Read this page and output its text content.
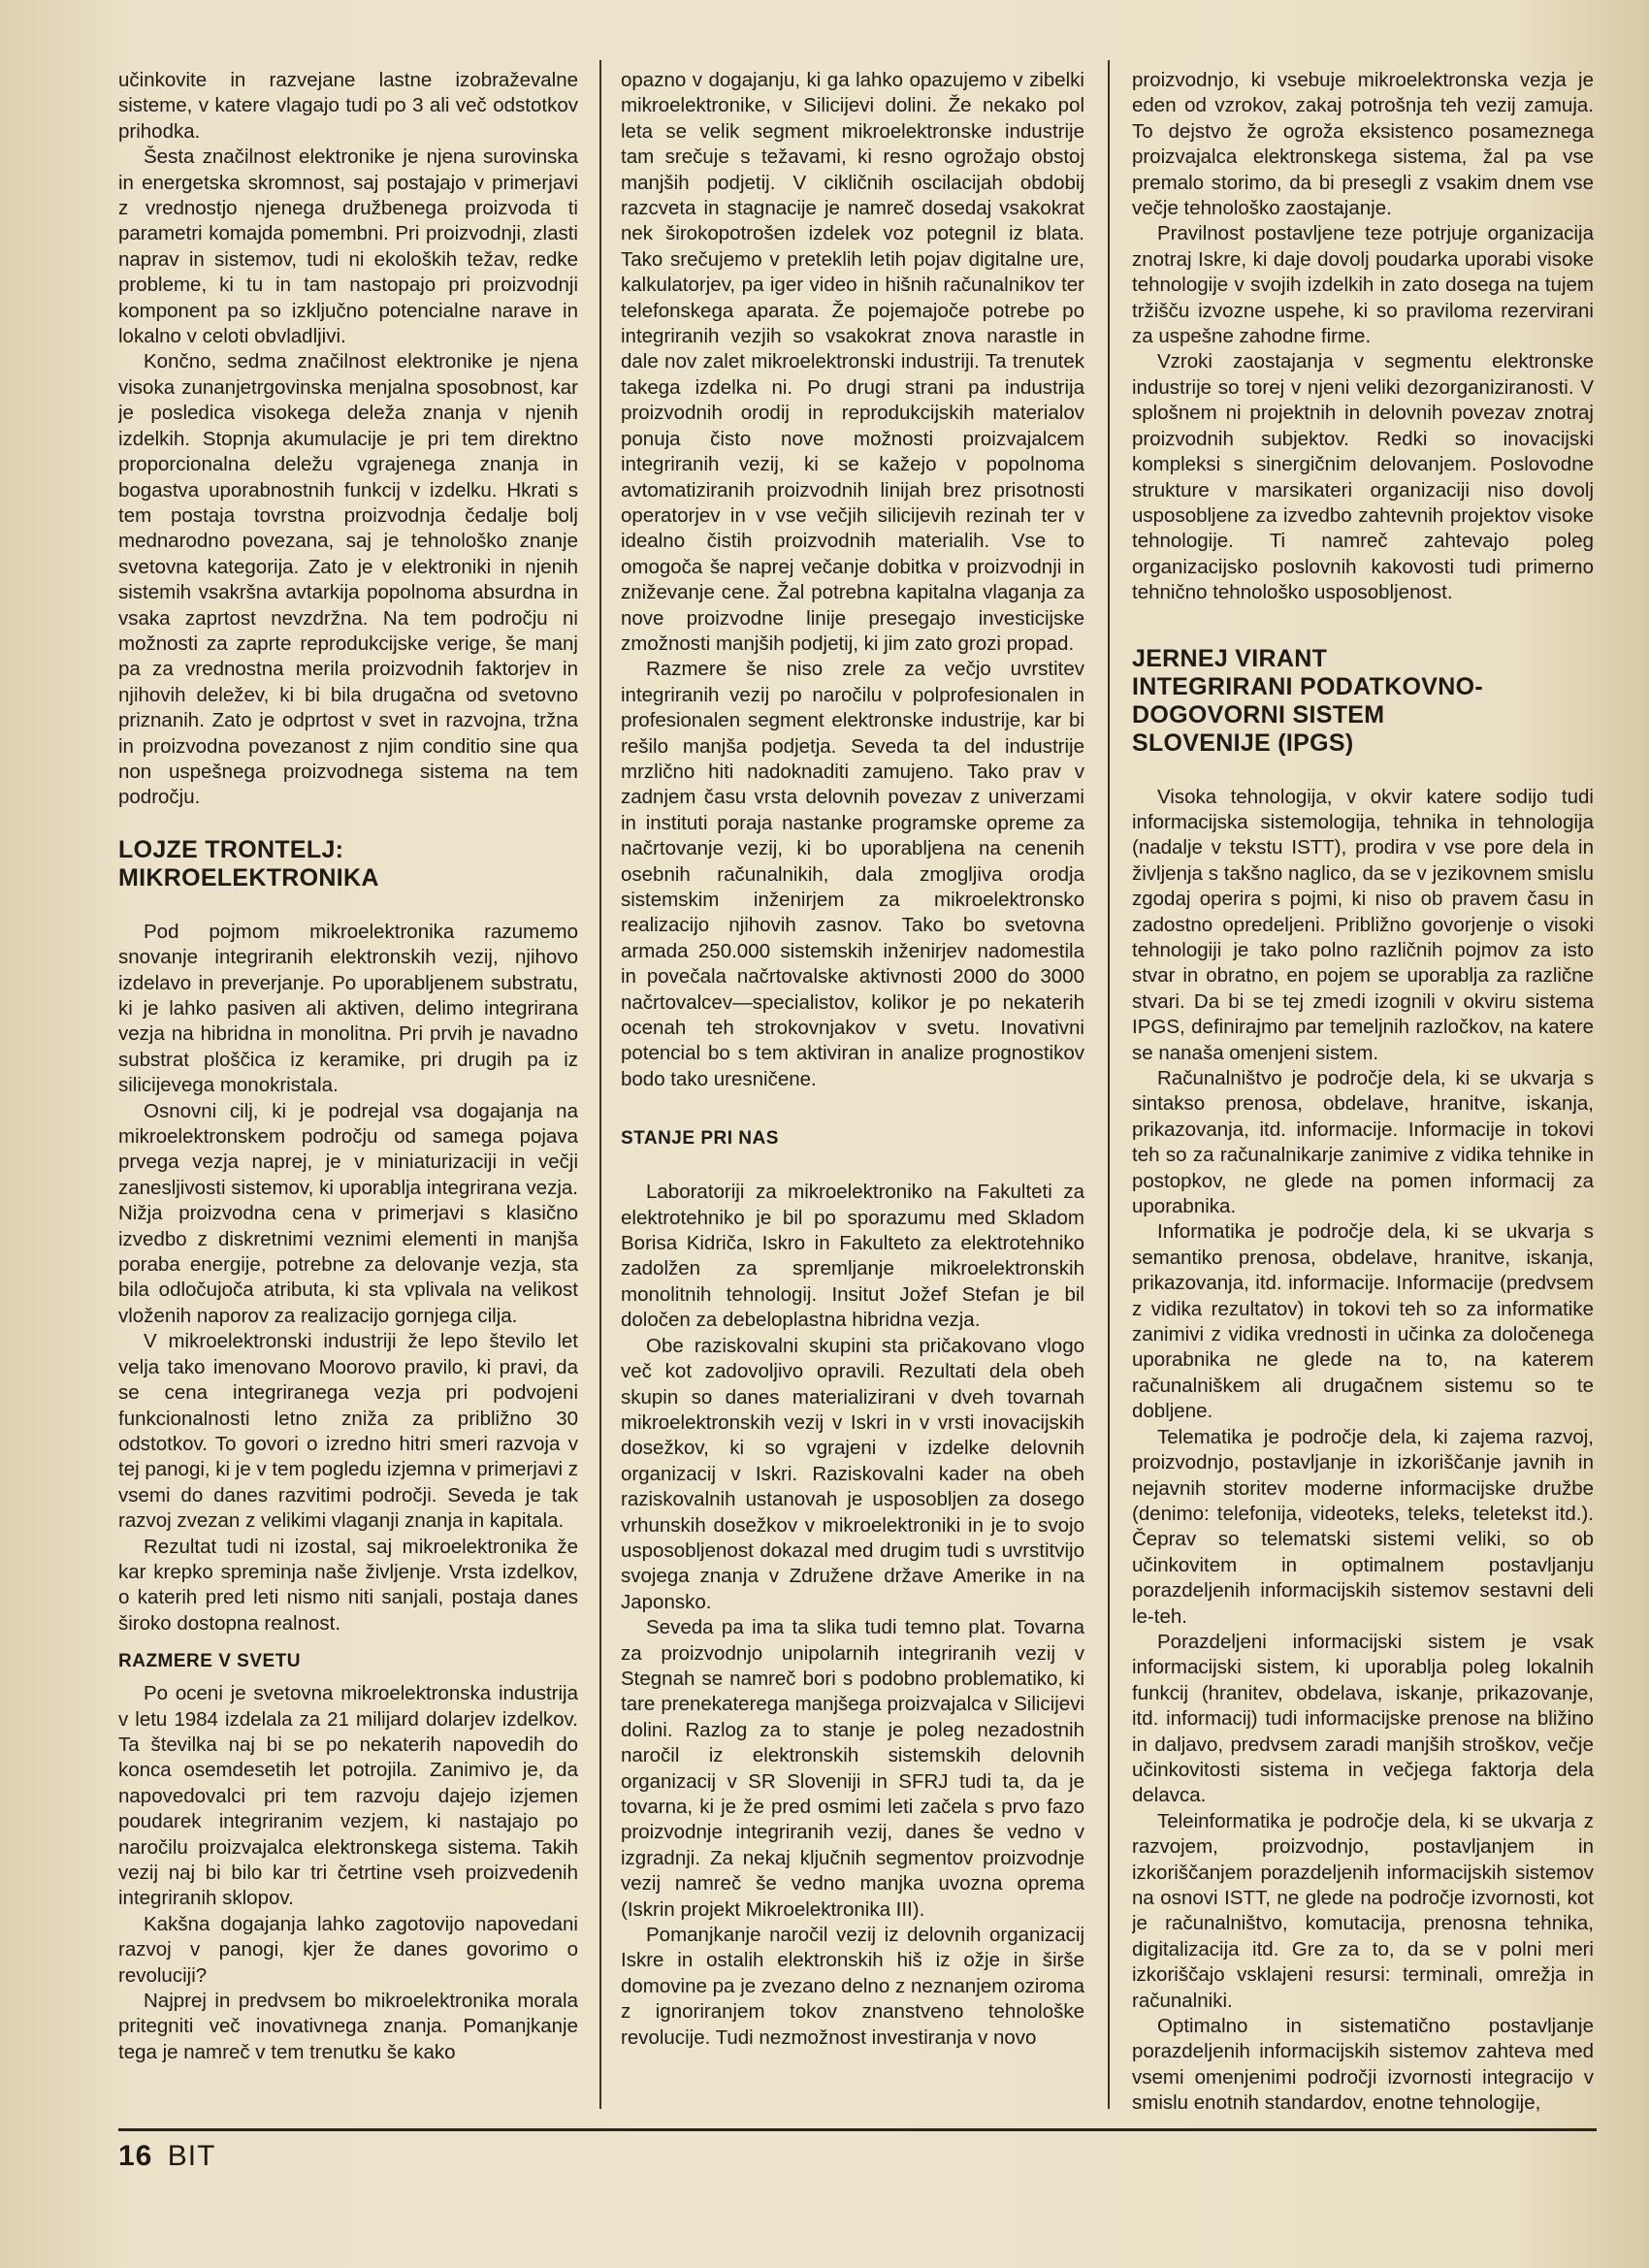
učinkovite in razvejane lastne izobraževalne sisteme, v katere vlagajo tudi po 3 ali več odstotkov prihodka.

Šesta značilnost elektronike je njena surovinska in energetska skromnost, saj postajajo v primerjavi z vrednostjo njenega družbenega proizvoda ti parametri komajda pomembni. Pri proizvodnji, zlasti naprav in sistemov, tudi ni ekoloških težav, redke probleme, ki tu in tam nastopajo pri proizvodnji komponent pa so izključno potencialne narave in lokalno v celoti obvladljivi.

Končno, sedma značilnost elektronike je njena visoka zunanjetrgovinska menjalna sposobnost, kar je posledica visokega deleža znanja v njenih izdelkih. Stopnja akumulacije je pri tem direktno proporcionalna deležu vgrajenega znanja in bogastva uporabnostnih funkcij v izdelku. Hkrati s tem postaja tovrstna proizvodnja čedalje bolj mednarodno povezana, saj je tehnološko znanje svetovna kategorija. Zato je v elektroniki in njenih sistemih vsakršna avtarkija popolnoma absurdna in vsaka zaprtost nevzdržna. Na tem področju ni možnosti za zaprte reprodukcijske verige, še manj pa za vrednostna merila proizvodnih faktorjev in njihovih deležev, ki bi bila drugačna od svetovno priznanih. Zato je odprtost v svet in razvojna, tržna in proizvodna povezanost z njim conditio sine qua non uspešnega proizvodnega sistema na tem področju.

LOJZE TRONTELJ:
MIKROELEKTRONIKA

Pod pojmom mikroelektronika razumemo snovanje integriranih elektronskih vezij, njihovo izdelavo in preverjanje. Po uporabljenem substratu, ki je lahko pasiven ali aktiven, delimo integrirana vezja na hibridna in monolitna. Pri prvih je navadno substrat ploščica iz keramike, pri drugih pa iz silicijevega monokristala.

Osnovni cilj, ki je podrejal vsa dogajanja na mikroelektronskem področju od samega pojava prvega vezja naprej, je v miniaturizaciji in večji zanesljivosti sistemov, ki uporablja integrirana vezja. Nižja proizvodna cena v primerjavi s klasično izvedbo z diskretnimi veznimi elementi in manjša poraba energije, potrebne za delovanje vezja, sta bila odločujoča atributa, ki sta vplivala na velikost vloženih naporov za realizacijo gornjega cilja.

V mikroelektronski industriji že lepo število let velja tako imenovano Moorovo pravilo, ki pravi, da se cena integriranega vezja pri podvojeni funkcionalnosti letno zniža za približno 30 odstotkov. To govori o izredno hitri smeri razvoja v tej panogi, ki je v tem pogledu izjemna v primerjavi z vsemi do danes razvitimi področji. Seveda je tak razvoj zvezan z velikimi vlaganji znanja in kapitala.

Rezultat tudi ni izostal, saj mikroelektronika že kar krepko spreminja naše življenje. Vrsta izdelkov, o katerih pred leti nismo niti sanjali, postaja danes široko dostopna realnost.

RAZMERE V SVETU

Po oceni je svetovna mikroelektronska industrija v letu 1984 izdelala za 21 milijard dolarjev izdelkov. Ta številka naj bi se po nekaterih napovedih do konca osemdesetih let potrojila. Zanimivo je, da napovedovalci pri tem razvoju dajejo izjemen poudarek integriranim vezjem, ki nastajajo po naročilu proizvajalca elektronskega sistema. Takih vezij naj bi bilo kar tri četrtine vseh proizvedenih integriranih sklopov.

Kakšna dogajanja lahko zagotovijo napovedani razvoj v panogi, kjer že danes govorimo o revoluciji?

Najprej in predvsem bo mikroelektronika morala pritegniti več inovativnega znanja. Pomanjkanje tega je namreč v tem trenutku še kako

opazno v dogajanju, ki ga lahko opazujemo v zibelki mikroelektronike, v Silicijevi dolini. Že nekako pol leta se velik segment mikroelektronske industrije tam srečuje s težavami, ki resno ogrožajo obstoj manjših podjetij. V cikličnih oscilacijah obdobij razcveta in stagnacije je namreč dosedaj vsakokrat nek širokopotrošen izdelek voz potegnil iz blata. Tako srečujemo v preteklih letih pojav digitalne ure, kalkulatorjev, pa iger video in hišnih računalnikov ter telefonskega aparata. Že pojemajoče potrebe po integriranih vezjih so vsakokrat znova narastle in dale nov zalet mikroelektronski industriji. Ta trenutek takega izdelka ni. Po drugi strani pa industrija proizvodnih orodij in reprodukcijskih materialov ponuja čisto nove možnosti proizvajalcem integriranih vezij, ki se kažejo v popolnoma avtomatiziranih proizvodnih linijah brez prisotnosti operatorjev in v vse večjih silicijevih rezinah ter v idealno čistih proizvodnih materialih. Vse to omogoča še naprej večanje dobitka v proizvodnji in zniževanje cene. Žal potrebna kapitalna vlaganja za nove proizvodne linije presegajo investicijske zmožnosti manjših podjetij, ki jim zato grozi propad.

Razmere še niso zrele za večjo uvrstitev integriranih vezij po naročilu v polprofesionalen in profesionalen segment elektronske industrije, kar bi rešilo manjša podjetja. Seveda ta del industrije mrzlično hiti nadoknaditi zamujeno. Tako prav v zadnjem času vrsta delovnih povezav z univerzami in instituti poraja nastanke programske opreme za načrtovanje vezij, ki bo uporabljena na cenenih osebnih računalnikih, dala zmogljiva orodja sistemskim inženirjem za mikroelektronsko realizacijo njihovih zasnov. Tako bo svetovna armada 250.000 sistemskih inženirjev nadomestila in povečala načrtovalske aktivnosti 2000 do 3000 načrtovalcev—specialistov, kolikor je po nekaterih ocenah teh strokovnjakov v svetu. Inovativni potencial bo s tem aktiviran in analize prognostikov bodo tako uresničene.

STANJE PRI NAS

Laboratoriji za mikroelektroniko na Fakulteti za elektrotehniko je bil po sporazumu med Skladom Borisa Kidriča, Iskro in Fakulteto za elektrotehniko zadolžen za spremljanje mikroelektronskih monolitnih tehnologij. Insitut Jožef Stefan je bil določen za debeloplastna hibridna vezja.

Obe raziskovalni skupini sta pričakovano vlogo več kot zadovoljivo opravili. Rezultati dela obeh skupin so danes materializirani v dveh tovarnah mikroelektronskih vezij v Iskri in v vrsti inovacijskih dosežkov, ki so vgrajeni v izdelke delovnih organizacij v Iskri. Raziskovalni kader na obeh raziskovalnih ustanovah je usposobljen za dosego vrhunskih dosežkov v mikroelektroniki in je to svojo usposobljenost dokazal med drugim tudi s uvrstitvijo svojega znanja v Združene države Amerike in na Japonsko.

Seveda pa ima ta slika tudi temno plat. Tovarna za proizvodnjo unipolarnih integriranih vezij v Stegnah se namreč bori s podobno problematiko, ki tare prenekaterega manjšega proizvajalca v Silicijevi dolini. Razlog za to stanje je poleg nezadostnih naročil iz elektronskih sistemskih delovnih organizacij v SR Sloveniji in SFRJ tudi ta, da je tovarna, ki je že pred osmimi leti začela s prvo fazo proizvodnje integriranih vezij, danes še vedno v izgradnji. Za nekaj ključnih segmentov proizvodnje vezij namreč še vedno manjka uvozna oprema (Iskrin projekt Mikroelektronika III).

Pomanjkanje naročil vezij iz delovnih organizacij Iskre in ostalih elektronskih hiš iz ožje in širše domovine pa je zvezano delno z neznanjem oziroma z ignoriranjem tokov znanstveno tehnološke revolucije. Tudi nezmožnost investiranja v novo

proizvodnjo, ki vsebuje mikroelektronska vezja je eden od vzrokov, zakaj potrošnja teh vezij zamuja. To dejstvo že ogroža eksistenco posameznega proizvajalca elektronskega sistema, žal pa vse premalo storimo, da bi presegli z vsakim dnem vse večje tehnološko zaostajanje.

Pravilnost postavljene teze potrjuje organizacija znotraj Iskre, ki daje dovolj poudarka uporabi visoke tehnologije v svojih izdelkih in zato dosega na tujem tržišču izvozne uspehe, ki so praviloma rezervirani za uspešne zahodne firme.

Vzroki zaostajanja v segmentu elektronske industrije so torej v njeni veliki dezorganiziranosti. V splošnem ni projektnih in delovnih povezav znotraj proizvodnih subjektov. Redki so inovacijski kompleksi s sinergičnim delovanjem. Poslovodne strukture v marsikateri organizaciji niso dovolj usposobljene za izvedbo zahtevnih projektov visoke tehnologije. Ti namreč zahtevajo poleg organizacijsko poslovnih kakovosti tudi primerno tehnično tehnološko usposobljenost.

JERNEJ VIRANT
INTEGRIRANI PODATKOVNO-
DOGOVORNI SISTEM
SLOVENIJE (IPGS)

Visoka tehnologija, v okvir katere sodijo tudi informacijska sistemologija, tehnika in tehnologija (nadalje v tekstu ISTT), prodira v vse pore dela in življenja s takšno naglico, da se v jezikovnem smislu zgodaj operira s pojmi, ki niso ob pravem času in zadostno opredeljeni. Približno govorjenje o visoki tehnologiji je tako polno različnih pojmov za isto stvar in obratno, en pojem se uporablja za različne stvari. Da bi se tej zmedi izognili v okviru sistema IPGS, definirajmo par temeljnih razločkov, na katere se nanaša omenjeni sistem.

Računalništvo je področje dela, ki se ukvarja s sintakso prenosa, obdelave, hranitve, iskanja, prikazovanja, itd. informacije. Informacije in tokovi teh so za računalnikarje zanimive z vidika tehnike in postopkov, ne glede na pomen informacij za uporabnika.

Informatika je področje dela, ki se ukvarja s semantiko prenosa, obdelave, hranitve, iskanja, prikazovanja, itd. informacije. Informacije (predvsem z vidika rezultatov) in tokovi teh so za informatike zanimivi z vidika vrednosti in učinka za določenega uporabnika ne glede na to, na katerem računalniškem ali drugačnem sistemu so te dobljene.

Telematika je področje dela, ki zajema razvoj, proizvodnjo, postavljanje in izkoriščanje javnih in nejavnih storitev moderne informacijske družbe (denimo: telefonija, videoteks, teleks, teletekst itd.). Čeprav so telematski sistemi veliki, so ob učinkovitem in optimalnem postavljanju porazdeljenih informacijskih sistemov sestavni deli le-teh.

Porazdeljeni informacijski sistem je vsak informacijski sistem, ki uporablja poleg lokalnih funkcij (hranitev, obdelava, iskanje, prikazovanje, itd. informacij) tudi informacijske prenose na bližino in daljavo, predvsem zaradi manjših stroškov, večje učinkovitosti sistema in večjega faktorja dela delavca.

Teleinformatika je področje dela, ki se ukvarja z razvojem, proizvodnjo, postavljanjem in izkoriščanjem porazdeljenih informacijskih sistemov na osnovi ISTT, ne glede na področje izvornosti, kot je računalništvo, komutacija, prenosna tehnika, digitalizacija itd. Gre za to, da se v polni meri izkoriščajo vsklajeni resursi: terminali, omrežja in računalniki.

Optimalno in sistematično postavljanje porazdeljenih informacijskih sistemov zahteva med vsemi omenjenimi področji izvornosti integracijo v smislu enotnih standardov, enotne tehnologije,

16 BIT
